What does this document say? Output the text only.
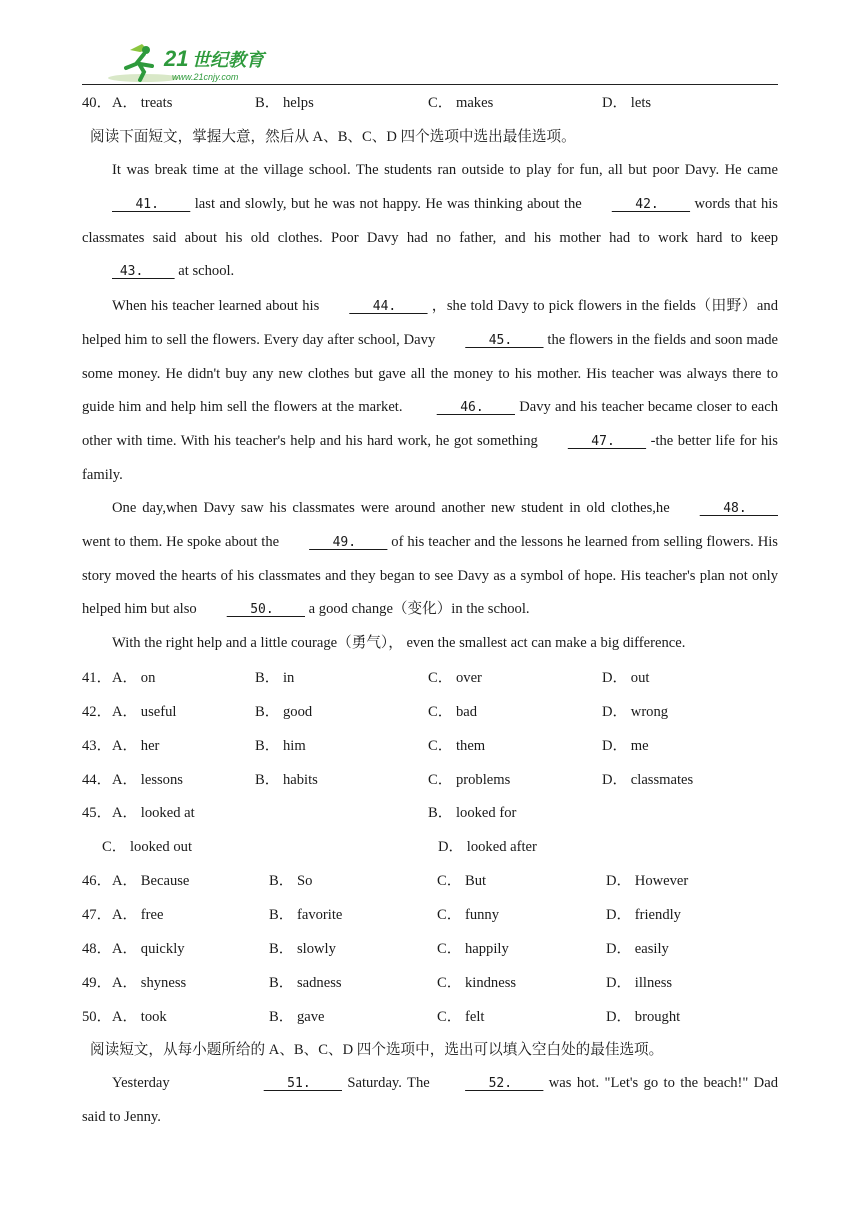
21 世纪教育
www.21cnjy.com
40． A． treats	B． helps	C． makes	D． lets
阅读下面短文，掌握大意，然后从 A、B、C、D 四个选项中选出最佳选项。
It was break time at the village school. The students ran outside to play for fun, all but poor Davy. He came    41.     last and slowly, but he was not happy. He was thinking about the   42.     words that his classmates said about his old clothes. Poor Davy had no father, and his mother had to work hard to keep 43.     at school.
When his teacher learned about his   44.     ，she told Davy to pick flowers in the fields（田野）and helped him to sell the flowers. Every day after school, Davy   45.     the flowers in the fields and soon made some money. He didn't buy any new clothes but gave all the money to his mother. His teacher was always there to guide him and help him sell the flowers at the market.    46.     Davy and his teacher became closer to each other with time. With his teacher's help and his hard work, he got something   47.     -the better life for his family.
One day,when Davy saw his classmates were around another new student in old clothes,he   48.     went to them. He spoke about the   49.     of his teacher and the lessons he learned from selling flowers. His story moved the hearts of his classmates and they began to see Davy as a symbol of hope. His teacher's plan not only helped him but also   50.     a good change（变化）in the school.
With the right help and a little courage（勇气）， even the smallest act can make a big difference.
41． A． on	B． in	C． over	D． out
42． A． useful	B． good	C． bad	D． wrong
43． A． her	B． him	C． them	D． me
44． A． lessons	B． habits	C． problems	D． classmates
45． A． looked at	B． looked for
C． looked out	D． looked after
46． A． Because	B． So	C． But	D． However
47． A． free	B． favorite	C． funny	D． friendly
48． A． quickly	B． slowly	C． happily	D． easily
49． A． shyness	B． sadness	C． kindness	D． illness
50． A． took	B． gave	C． felt	D． brought
阅读短文，从每小题所给的 A、B、C、D 四个选项中，选出可以填入空白处的最佳选项。
Yesterday	51.     Saturday. The    52.     was hot. "Let's go to the beach!" Dad said to Jenny.
